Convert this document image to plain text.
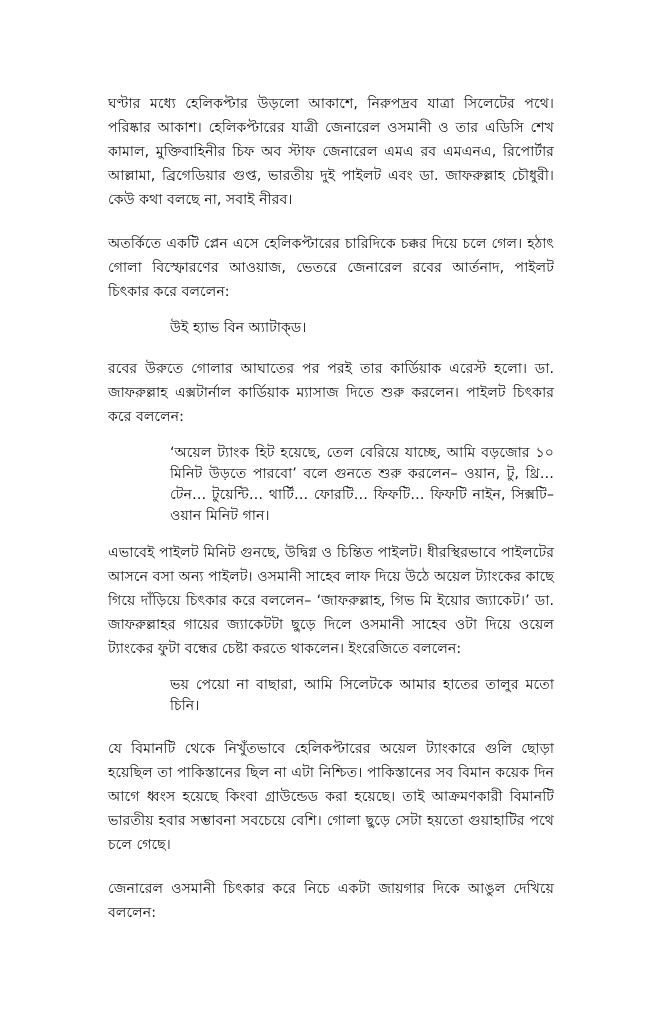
ঘণ্টার মধ্যে হেলিকপ্টার উড়লো আকাশে, নিরুপদ্রব যাত্রা সিলেটের পথে। পরিষ্কার আকাশ। হেলিকপ্টারের যাত্রী জেনারেল ওসমানী ও তার এডিসি শেখ কামাল, মুক্তিবাহিনীর চিফ অব স্টাফ জেনারেল এমএ রব এমএনএ, রিপোর্টার আল্লামা, ব্রিগেডিয়ার গুপ্ত, ভারতীয় দুই পাইলট এবং ডা. জাফরুল্লাহ চৌধুরী। কেউ কথা বলছে না, সবাই নীরব।

অতর্কিতে একটি প্লেন এসে হেলিকপ্টারের চারিদিকে চক্কর দিয়ে চলে গেল। হঠাৎ গোলা বিস্ফোরণের আওয়াজ, ভেতরে জেনারেল রবের আর্তনাদ, পাইলট চিৎকার করে বললেন:

উই হ্যাভ বিন অ্যাটাক্ড।

রবের উরুতে গোলার আঘাতের পর পরই তার কার্ডিয়াক এরেস্ট হলো। ডা. জাফরুল্লাহ এক্সটার্নাল কার্ডিয়াক ম্যাসাজ দিতে শুরু করলেন। পাইলট চিৎকার করে বললেন:

‘অয়েল ট্যাংক হিট হয়েছে, তেল বেরিয়ে যাচ্ছে, আমি বড়জোর ১০ মিনিট উড়তে পারবো’ বলে গুনতে শুরু করলেন– ওয়ান, টু, থ্রি… টেন… টুয়েন্টি… থার্টি… ফোরটি… ফিফটি… ফিফটি নাইন, সিক্সটি– ওয়ান মিনিট গান।

এভাবেই পাইলট মিনিট গুনছে, উদ্বিগ্ন ও চিন্তিত পাইলট। ধীরস্থিরভাবে পাইলটের আসনে বসা অন্য পাইলট। ওসমানী সাহেব লাফ দিয়ে উঠে অয়েল ট্যাংকের কাছে গিয়ে দাঁড়িয়ে চিৎকার করে বললেন– ‘জাফরুল্লাহ, গিভ মি ইয়োর জ্যাকেট।’ ডা. জাফরুল্লাহর গায়ের জ্যাকেটটা ছুড়ে দিলে ওসমানী সাহেব ওটা দিয়ে ওয়েল ট্যাংকের ফুটা বন্ধের চেষ্টা করতে থাকলেন। ইংরেজিতে বললেন:

ভয় পেয়ো না বাছারা, আমি সিলেটকে আমার হাতের তালুর মতো চিনি।

যে বিমানটি থেকে নিখুঁতভাবে হেলিকপ্টারের অয়েল ট্যাংকারে গুলি ছোড়া হয়েছিল তা পাকিস্তানের ছিল না এটা নিশ্চিত। পাকিস্তানের সব বিমান কয়েক দিন আগে ধ্বংস হয়েছে কিংবা গ্রাউন্ডেড করা হয়েছে। তাই আক্রমণকারী বিমানটি ভারতীয় হবার সম্ভাবনা সবচেয়ে বেশি। গোলা ছুড়ে সেটা হয়তো গুয়াহাটির পথে চলে গেছে।

জেনারেল ওসমানী চিৎকার করে নিচে একটা জায়গার দিকে আঙুল দেখিয়ে বললেন:
